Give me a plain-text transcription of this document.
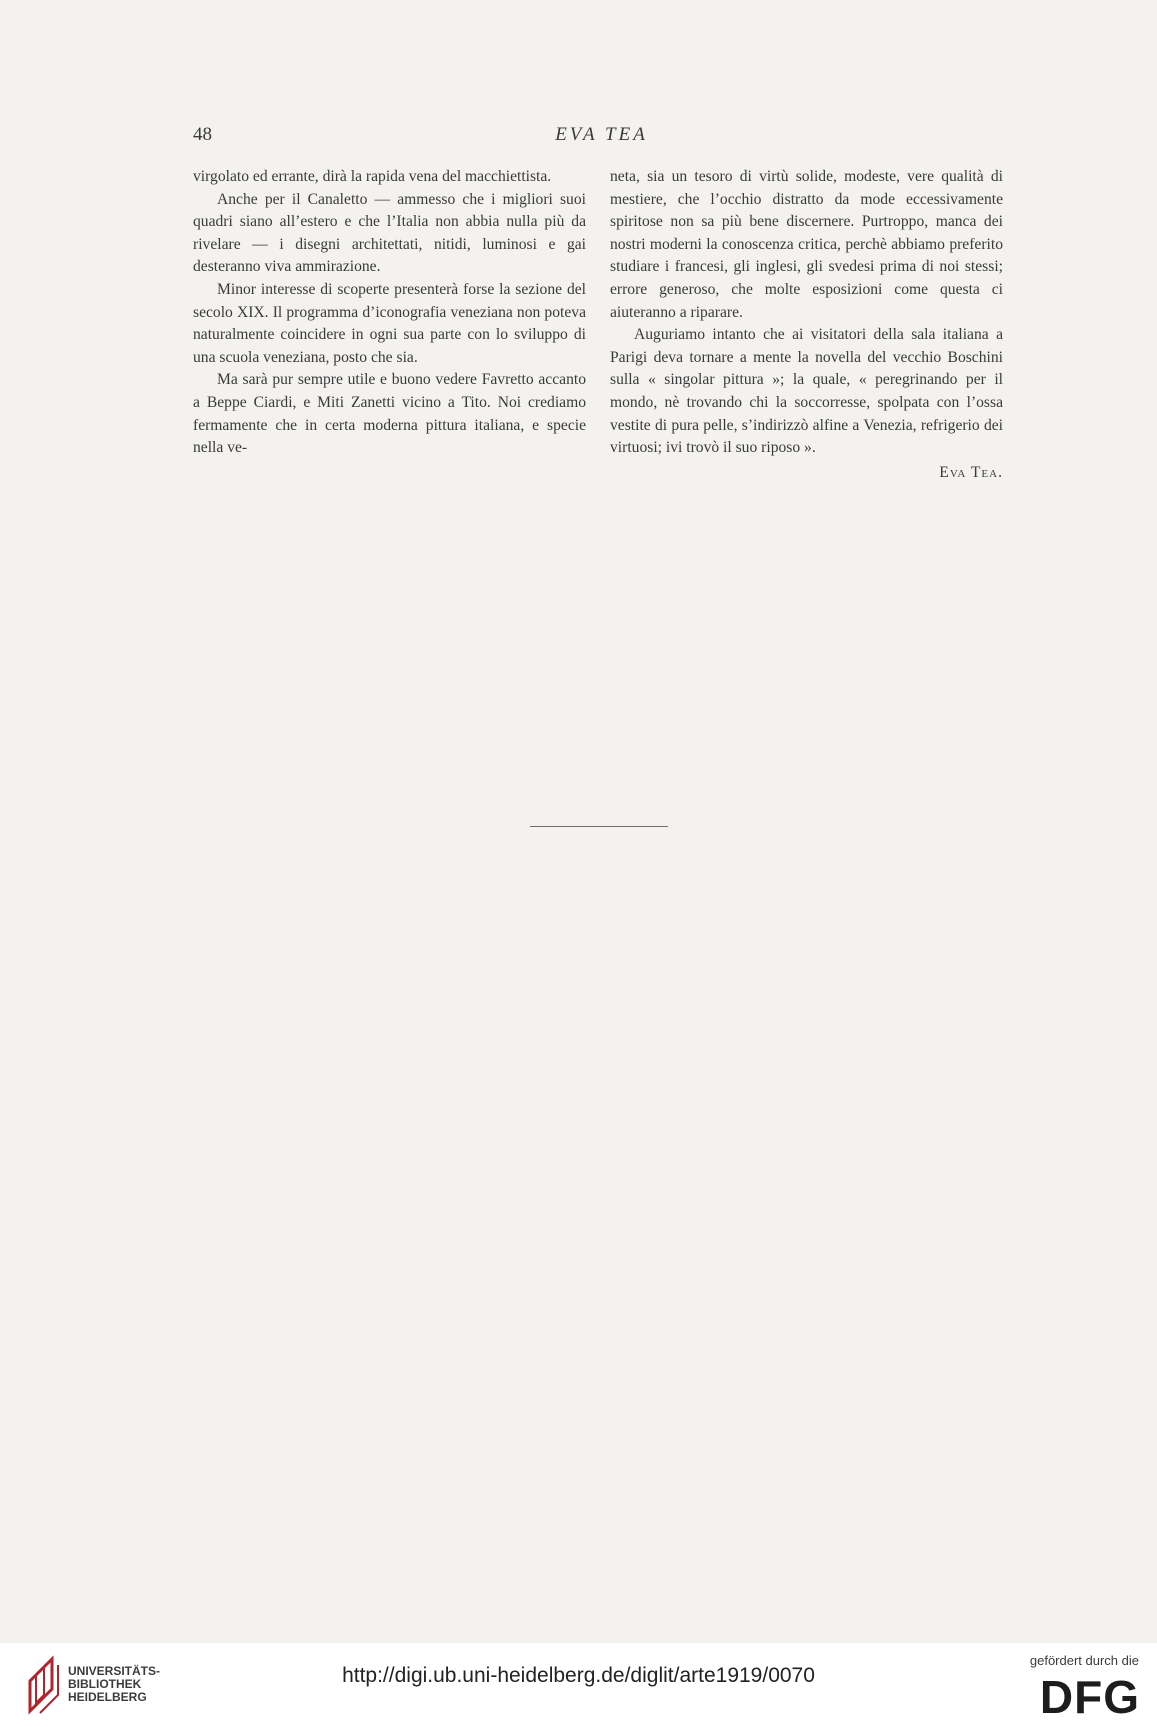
48	EVA TEA

virgolato ed errante, dirà la rapida vena del macchiettista.

Anche per il Canaletto — ammesso che i migliori suoi quadri siano all’estero e che l’Italia non abbia nulla più da rivelare — i disegni architettati, nitidi, luminosi e gai desteranno viva ammirazione.

Minor interesse di scoperte presenterà forse la sezione del secolo XIX. Il programma d’iconografia veneziana non poteva naturalmente coincidere in ogni sua parte con lo sviluppo di una scuola veneziana, posto che sia.

Ma sarà pur sempre utile e buono vedere Favretto accanto a Beppe Ciardi, e Miti Zanetti vicino a Tito. Noi crediamo fermamente che in certa moderna pittura italiana, e specie nella ve-

neta, sia un tesoro di virtù solide, modeste, vere qualità di mestiere, che l’occhio distratto da mode eccessivamente spiritose non sa più bene discernere. Purtroppo, manca dei nostri moderni la conoscenza critica, perchè abbiamo preferito studiare i francesi, gli inglesi, gli svedesi prima di noi stessi; errore generoso, che molte esposizioni come questa ci aiuteranno a riparare.

Auguriamo intanto che ai visitatori della sala italiana a Parigi deva tornare a mente la novella del vecchio Boschini sulla « singolar pittura »; la quale, « peregrinando per il mondo, nè trovando chi la soccorresse, spolpata con l’ossa vestite di pura pelle, s’indirizzò alfine a Venezia, refrigerio dei virtuosi; ivi trovò il suo riposo ».

Eva Tea.

UNIVERSITÄTS-
BIBLIOTHEK
HEIDELBERG
http://digi.ub.uni-heidelberg.de/diglit/arte1919/0070
gefördert durch die
DFG
